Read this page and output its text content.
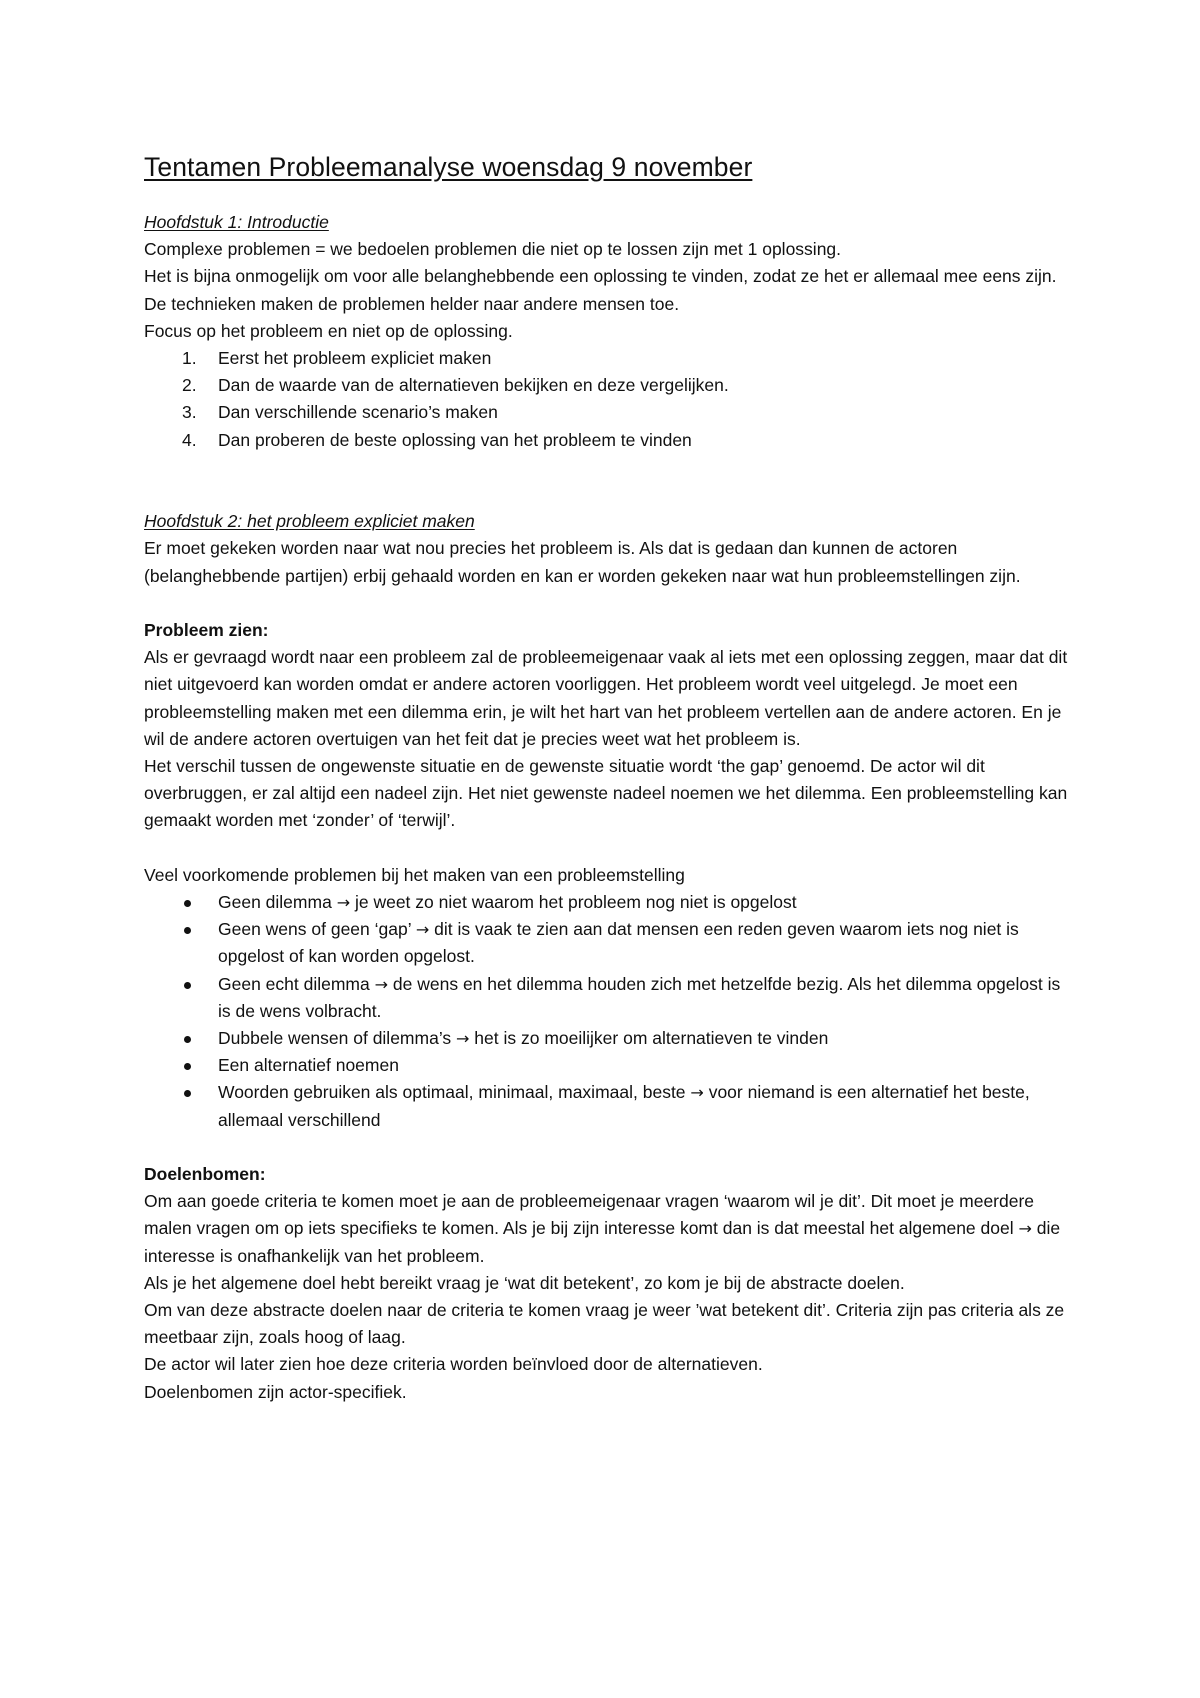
Tentamen Probleemanalyse woensdag 9 november

Hoofdstuk 1: Introductie

Complexe problemen = we bedoelen problemen die niet op te lossen zijn met 1 oplossing.

Het is bijna onmogelijk om voor alle belanghebbende een oplossing te vinden, zodat ze het er allemaal mee eens zijn.

De technieken maken de problemen helder naar andere mensen toe.

Focus op het probleem en niet op de oplossing.

1. Eerst het probleem expliciet maken
2. Dan de waarde van de alternatieven bekijken en deze vergelijken.
3. Dan verschillende scenario’s maken
4. Dan proberen de beste oplossing van het probleem te vinden

Hoofdstuk 2: het probleem expliciet maken

Er moet gekeken worden naar wat nou precies het probleem is. Als dat is gedaan dan kunnen de actoren (belanghebbende partijen) erbij gehaald worden en kan er worden gekeken naar wat hun probleemstellingen zijn.

Probleem zien:

Als er gevraagd wordt naar een probleem zal de probleemeigenaar vaak al iets met een oplossing zeggen, maar dat dit niet uitgevoerd kan worden omdat er andere actoren voorliggen. Het probleem wordt veel uitgelegd. Je moet een probleemstelling maken met een dilemma erin, je wilt het hart van het probleem vertellen aan de andere actoren. En je wil de andere actoren overtuigen van het feit dat je precies weet wat het probleem is.

Het verschil tussen de ongewenste situatie en de gewenste situatie wordt ‘the gap’ genoemd. De actor wil dit overbruggen, er zal altijd een nadeel zijn. Het niet gewenste nadeel noemen we het dilemma. Een probleemstelling kan gemaakt worden met ‘zonder’ of ‘terwijl’.

Veel voorkomende problemen bij het maken van een probleemstelling

Geen dilemma → je weet zo niet waarom het probleem nog niet is opgelost
Geen wens of geen ‘gap’ → dit is vaak te zien aan dat mensen een reden geven waarom iets nog niet is opgelost of kan worden opgelost.
Geen echt dilemma → de wens en het dilemma houden zich met hetzelfde bezig. Als het dilemma opgelost is is de wens volbracht.
Dubbele wensen of dilemma’s → het is zo moeilijker om alternatieven te vinden
Een alternatief noemen
Woorden gebruiken als optimaal, minimaal, maximaal, beste → voor niemand is een alternatief het beste, allemaal verschillend

Doelenbomen:

Om aan goede criteria te komen moet je aan de probleemeigenaar vragen ‘waarom wil je dit’. Dit moet je meerdere malen vragen om op iets specifieks te komen. Als je bij zijn interesse komt dan is dat meestal het algemene doel → die interesse is onafhankelijk van het probleem.

Als je het algemene doel hebt bereikt vraag je ‘wat dit betekent’, zo kom je bij de abstracte doelen.

Om van deze abstracte doelen naar de criteria te komen vraag je weer ’wat betekent dit’. Criteria zijn pas criteria als ze meetbaar zijn, zoals hoog of laag.

De actor wil later zien hoe deze criteria worden beïnvloed door de alternatieven.

Doelenbomen zijn actor-specifiek.
